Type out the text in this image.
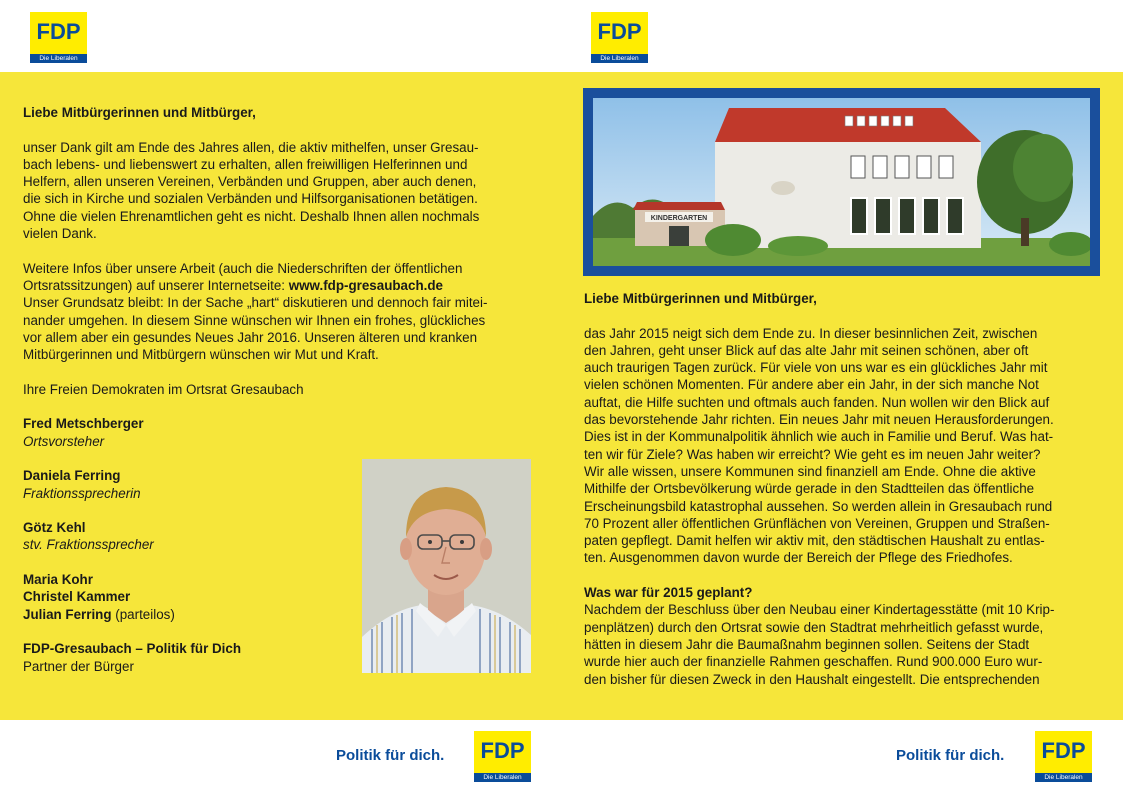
FDP
Die Liberalen
FDP
Die Liberalen

Liebe Mitbürgerinnen und Mitbürger,

unser Dank gilt am Ende des Jahres allen, die aktiv mithelfen, unser Gresau-
bach lebens- und liebenswert zu erhalten, allen freiwilligen Helferinnen und
Helfern, allen unseren Vereinen, Verbänden und Gruppen, aber auch denen,
die sich in Kirche und sozialen Verbänden und Hilfsorganisationen betätigen.
Ohne die vielen Ehrenamtlichen geht es nicht. Deshalb Ihnen allen nochmals
vielen Dank.

Weitere Infos über unsere Arbeit (auch die Niederschriften der öffentlichen
Ortsratssitzungen) auf unserer Internetseite: www.fdp-gresaubach.de
Unser Grundsatz bleibt: In der Sache „hart“ diskutieren und dennoch fair mitei-
nander umgehen. In diesem Sinne wünschen wir Ihnen ein frohes, glückliches
vor allem aber ein gesundes Neues Jahr 2016. Unseren älteren und kranken
Mitbürgerinnen und Mitbürgern wünschen wir Mut und Kraft.

Ihre Freien Demokraten im Ortsrat Gresaubach

Fred Metschberger
Ortsvorsteher

Daniela Ferring
Fraktionssprecherin

Götz Kehl
stv. Fraktionssprecher

Maria Kohr
Christel Kammer
Julian Ferring (parteilos)

FDP-Gresaubach – Politik für Dich
Partner der Bürger

KINDERGARTEN

Liebe Mitbürgerinnen und Mitbürger,

das Jahr 2015 neigt sich dem Ende zu. In dieser besinnlichen Zeit, zwischen
den Jahren, geht unser Blick auf das alte Jahr mit seinen schönen, aber oft
auch traurigen Tagen zurück. Für viele von uns war es ein glückliches Jahr mit
vielen schönen Momenten. Für andere aber ein Jahr, in der sich manche Not
auftat, die Hilfe suchten und oftmals auch fanden. Nun wollen wir den Blick auf
das bevorstehende Jahr richten. Ein neues Jahr mit neuen Herausforderungen.
Dies ist in der Kommunalpolitik ähnlich wie auch in Familie und Beruf. Was hat-
ten wir für Ziele? Was haben wir erreicht? Wie geht es im neuen Jahr weiter?
Wir alle wissen, unsere Kommunen sind finanziell am Ende. Ohne die aktive
Mithilfe der Ortsbevölkerung würde gerade in den Stadtteilen das öffentliche
Erscheinungsbild katastrophal aussehen. So werden allein in Gresaubach rund
70 Prozent aller öffentlichen Grünflächen von Vereinen, Gruppen und Straßen-
paten gepflegt. Damit helfen wir aktiv mit, den städtischen Haushalt zu entlas-
ten. Ausgenommen davon wurde der Bereich der Pflege des Friedhofes.

Was war für 2015 geplant?

Nachdem der Beschluss über den Neubau einer Kindertagesstätte (mit 10 Krip-
penplätzen) durch den Ortsrat sowie den Stadtrat mehrheitlich gefasst wurde,
hätten in diesem Jahr die Baumaßnahm beginnen sollen. Seitens der Stadt
wurde hier auch der finanzielle Rahmen geschaffen. Rund 900.000 Euro wur-
den bisher für diesen Zweck in den Haushalt eingestellt. Die entsprechenden

Politik für dich. FDP
Die Liberalen
Politik für dich. FDP
Die Liberalen
